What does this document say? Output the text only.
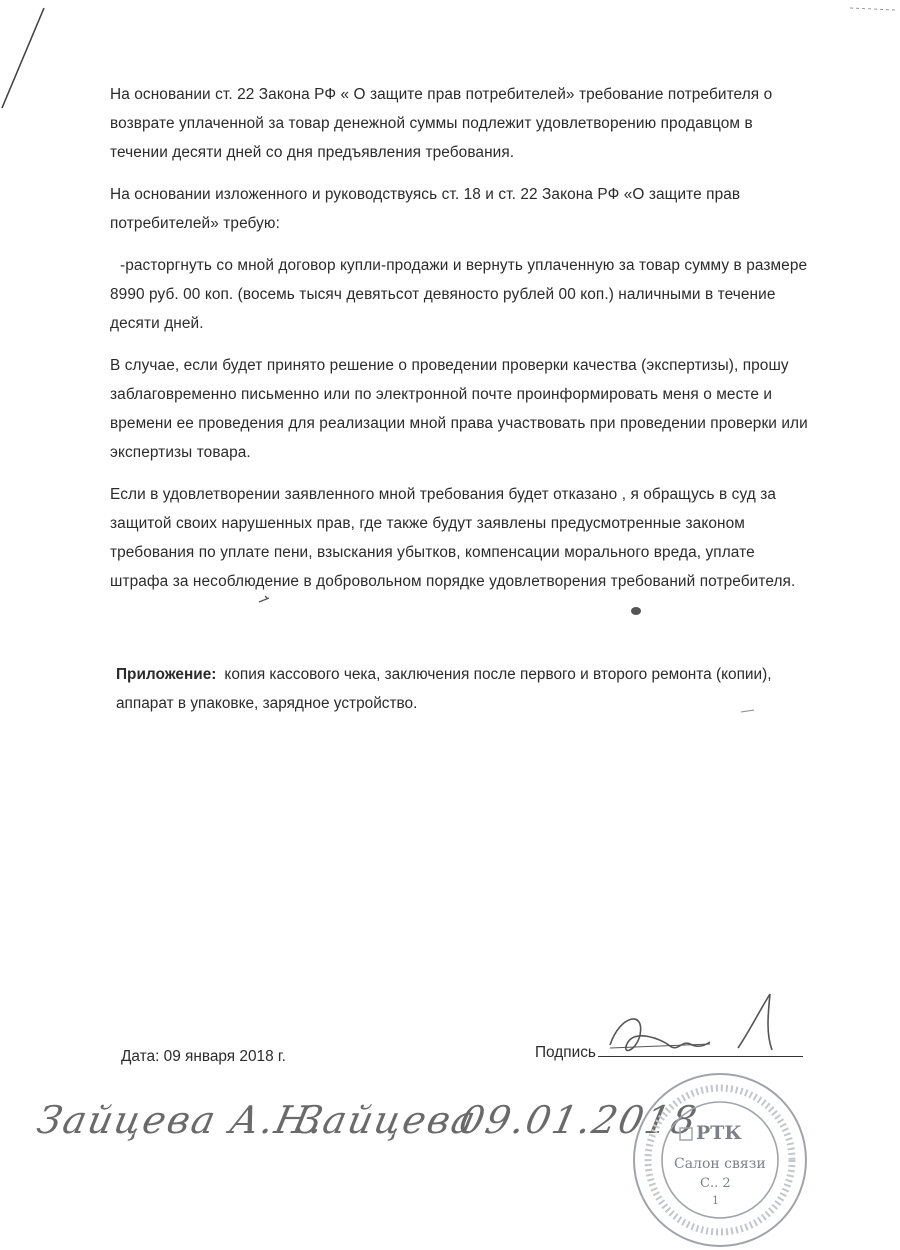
На основании ст. 22 Закона РФ « О защите прав потребителей» требование потребителя о возврате уплаченной за товар денежной суммы подлежит удовлетворению продавцом в течении десяти дней со дня предъявления требования.

На основании изложенного и руководствуясь ст. 18 и ст. 22 Закона РФ «О защите прав потребителей» требую:

-расторгнуть со мной договор купли-продажи и вернуть уплаченную за товар сумму в размере 8990 руб. 00 коп. (восемь тысяч девятьсот девяносто рублей 00 коп.) наличными в течение десяти дней.

В случае, если будет принято решение о проведении проверки качества (экспертизы), прошу заблаговременно письменно или по электронной почте проинформировать меня о месте и времени ее проведения для реализации мной права участвовать при проведении проверки или экспертизы товара.

Если в удовлетворении заявленного мной требования будет отказано , я обращусь в суд за защитой своих нарушенных прав, где также будут заявлены предусмотренные законом требования по уплате пени, взыскания убытков, компенсации морального вреда, уплате штрафа за несоблюдение в добровольном порядке удовлетворения требований потребителя.

Приложение: копия кассового чека, заключения после первого и второго ремонта (копии), аппарат в упаковке, зарядное устройство.
Дата: 09 января 2018 г.	Подпись
Зайцева А.Н.
Зайцева
09.01.2018
РТК
Салон связи
С.. 2
1
